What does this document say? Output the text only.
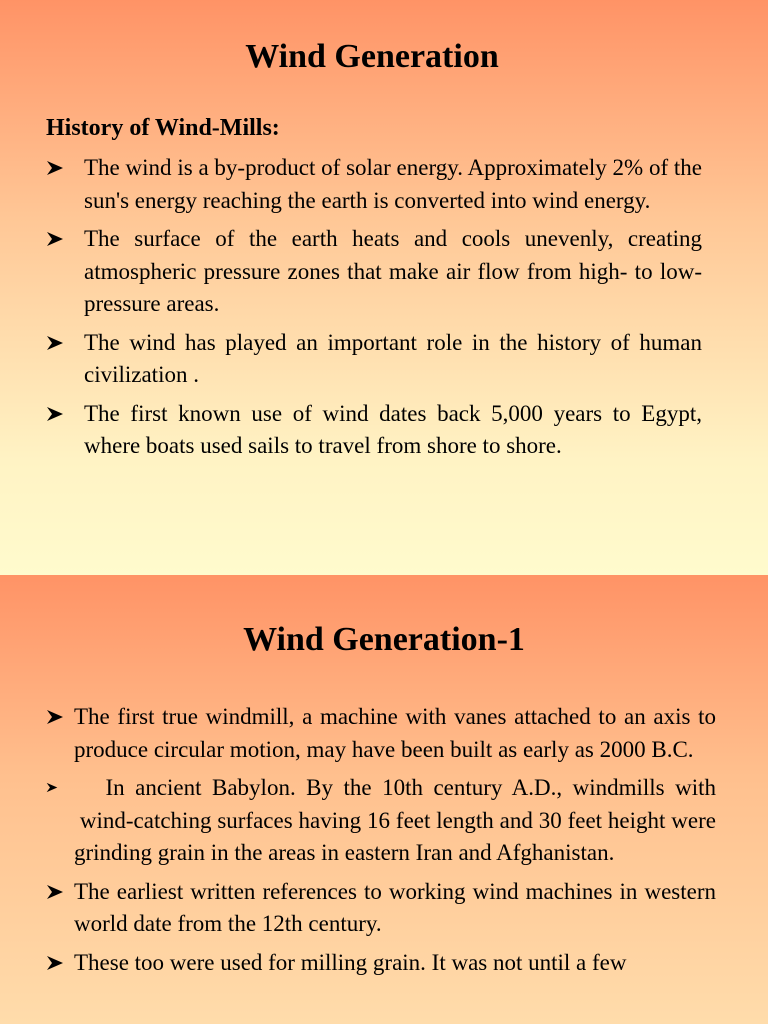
Wind Generation

History of Wind-Mills:

The wind is a by-product of solar energy. Approximately 2% of the sun's energy reaching the earth is converted into wind energy.
The surface of the earth heats and cools unevenly, creating atmospheric pressure zones that make air flow from high- to low-pressure areas.
The wind has played an important role in the history of human civilization .
The first known use of wind dates back 5,000 years to Egypt, where boats used sails to travel from shore to shore.
Wind Generation-1
The first true windmill, a machine with vanes attached to an axis to produce circular motion, may have been built as early as 2000 B.C.
In ancient Babylon. By the 10th century A.D., windmills with  wind-catching surfaces having 16 feet length and 30 feet height were grinding grain in the areas in eastern Iran and Afghanistan.
The earliest written references to working wind machines in western world date from the 12th century.
These too were used for milling grain. It was not until a few
